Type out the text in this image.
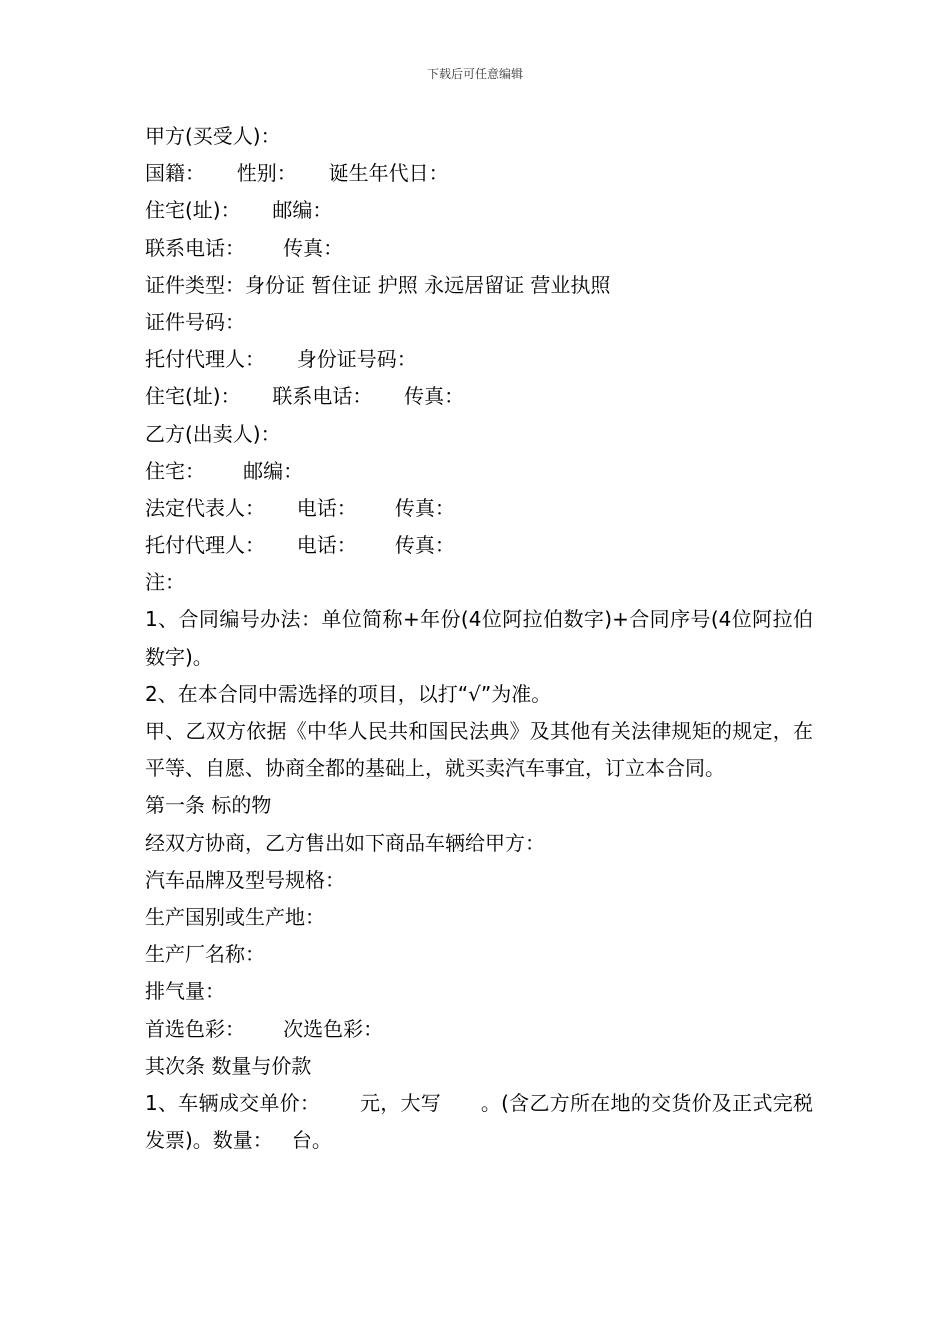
下载后可任意编辑

甲方(买受人)：

国籍：     性别：     诞生年代日：

住宅(址)：     邮编：

联系电话：      传真：

证件类型：身份证 暂住证 护照 永远居留证 营业执照

证件号码：

托付代理人：     身份证号码：

住宅(址)：     联系电话：     传真：

乙方(出卖人)：

住宅：      邮编：

法定代表人：     电话：      传真：

托付代理人：     电话：      传真：

注：

1、合同编号办法：单位简称+年份(4位阿拉伯数字)+合同序号(4位阿拉伯数字)。

2、在本合同中需选择的项目，以打“√”为准。

甲、乙双方依据《中华人民共和国民法典》及其他有关法律规矩的规定，在平等、自愿、协商全都的基础上，就买卖汽车事宜，订立本合同。

第一条 标的物

经双方协商，乙方售出如下商品车辆给甲方：

汽车品牌及型号规格：

生产国别或生产地：

生产厂名称：

排气量：

首选色彩：      次选色彩：

其次条 数量与价款

1、车辆成交单价：      元，大写      。(含乙方所在地的交货价及正式完税发票)。数量：   台。
